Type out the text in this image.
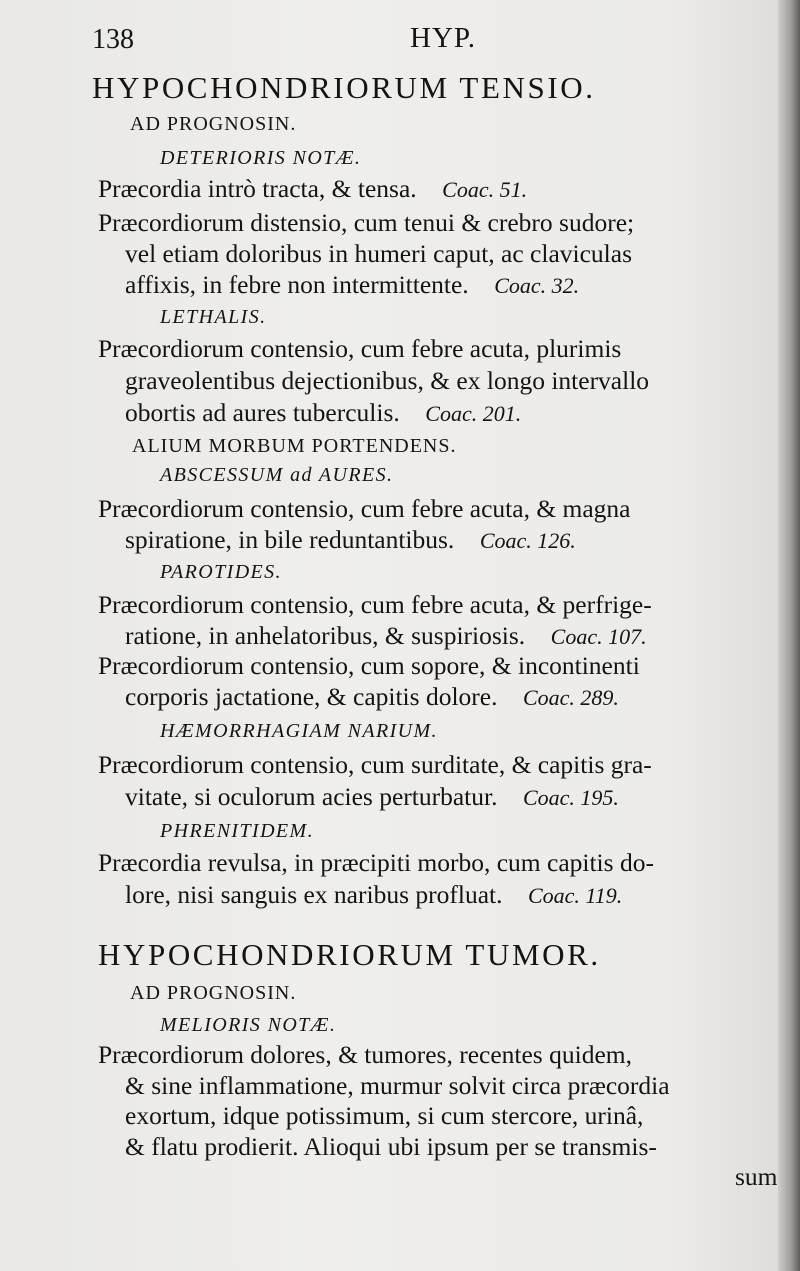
138	HYP.
HYPOCHONDRIORUM TENSIO.
AD PROGNOSIN.
DETERIORIS NOTÆ.
Præcordia intrò tracta, & tensa. Coac. 51.
Præcordiorum distensio, cum tenui & crebro sudore;
vel etiam doloribus in humeri caput, ac claviculas
affixis, in febre non intermittente. Coac. 32.
LETHALIS.
Præcordiorum contensio, cum febre acuta, plurimis
graveolentibus dejectionibus, & ex longo intervallo
obortis ad aures tuberculis. Coac. 201.
ALIUM MORBUM PORTENDENS.
ABSCESSUM ad AURES.
Præcordiorum contensio, cum febre acuta, & magna
spiratione, in bile reduntantibus. Coac. 126.
PAROTIDES.
Præcordiorum contensio, cum febre acuta, & perfrige-
ratione, in anhelatoribus, & suspiriosis. Coac. 107.
Præcordiorum contensio, cum sopore, & incontinenti
corporis jactatione, & capitis dolore. Coac. 289.
HÆMORRHAGIAM NARIUM.
Præcordiorum contensio, cum surditate, & capitis gra-
vitate, si oculorum acies perturbatur. Coac. 195.
PHRENITIDEM.
Præcordia revulsa, in præcipiti morbo, cum capitis do-
lore, nisi sanguis ex naribus profluat. Coac. 119.
HYPOCHONDRIORUM TUMOR.
AD PROGNOSIN.
MELIORIS NOTÆ.
Præcordiorum dolores, & tumores, recentes quidem,
& sine inflammatione, murmur solvit circa præcordia
exortum, idque potissimum, si cum stercore, urinâ,
& flatu prodierit. Alioqui ubi ipsum per se transmis-
sum
